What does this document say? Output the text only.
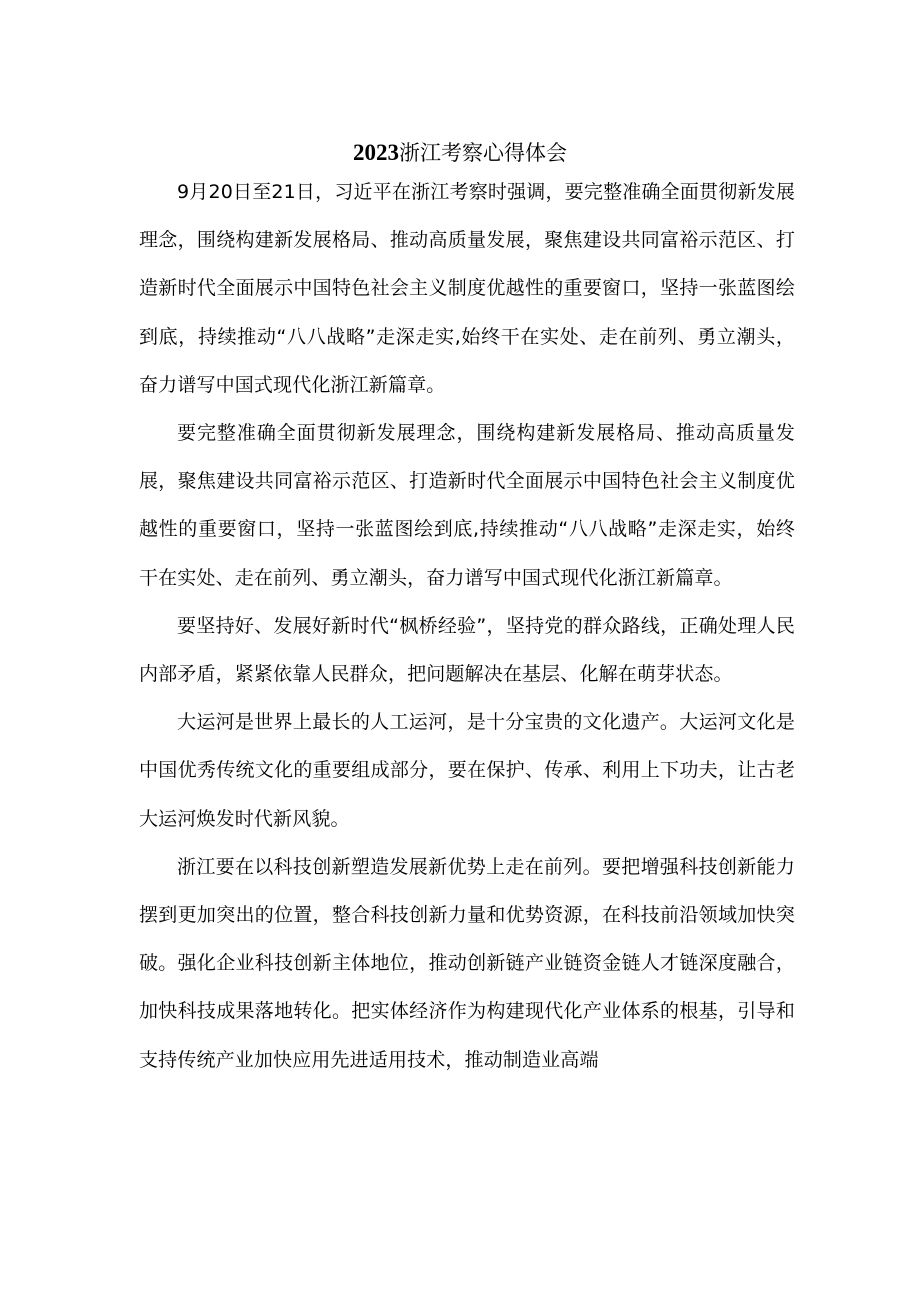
2023浙江考察心得体会

9月20日至21日，习近平在浙江考察时强调，要完整准确全面贯彻新发展理念，围绕构建新发展格局、推动高质量发展，聚焦建设共同富裕示范区、打造新时代全面展示中国特色社会主义制度优越性的重要窗口，坚持一张蓝图绘到底，持续推动“八八战略”走深走实,始终干在实处、走在前列、勇立潮头，奋力谱写中国式现代化浙江新篇章。

要完整准确全面贯彻新发展理念，围绕构建新发展格局、推动高质量发展，聚焦建设共同富裕示范区、打造新时代全面展示中国特色社会主义制度优越性的重要窗口，坚持一张蓝图绘到底,持续推动“八八战略”走深走实，始终干在实处、走在前列、勇立潮头，奋力谱写中国式现代化浙江新篇章。

要坚持好、发展好新时代“枫桥经验”，坚持党的群众路线，正确处理人民内部矛盾，紧紧依靠人民群众，把问题解决在基层、化解在萌芽状态。

大运河是世界上最长的人工运河，是十分宝贵的文化遗产。大运河文化是中国优秀传统文化的重要组成部分，要在保护、传承、利用上下功夫，让古老大运河焕发时代新风貌。

浙江要在以科技创新塑造发展新优势上走在前列。要把增强科技创新能力摆到更加突出的位置，整合科技创新力量和优势资源，在科技前沿领域加快突破。强化企业科技创新主体地位，推动创新链产业链资金链人才链深度融合，加快科技成果落地转化。把实体经济作为构建现代化产业体系的根基，引导和支持传统产业加快应用先进适用技术，推动制造业高端
